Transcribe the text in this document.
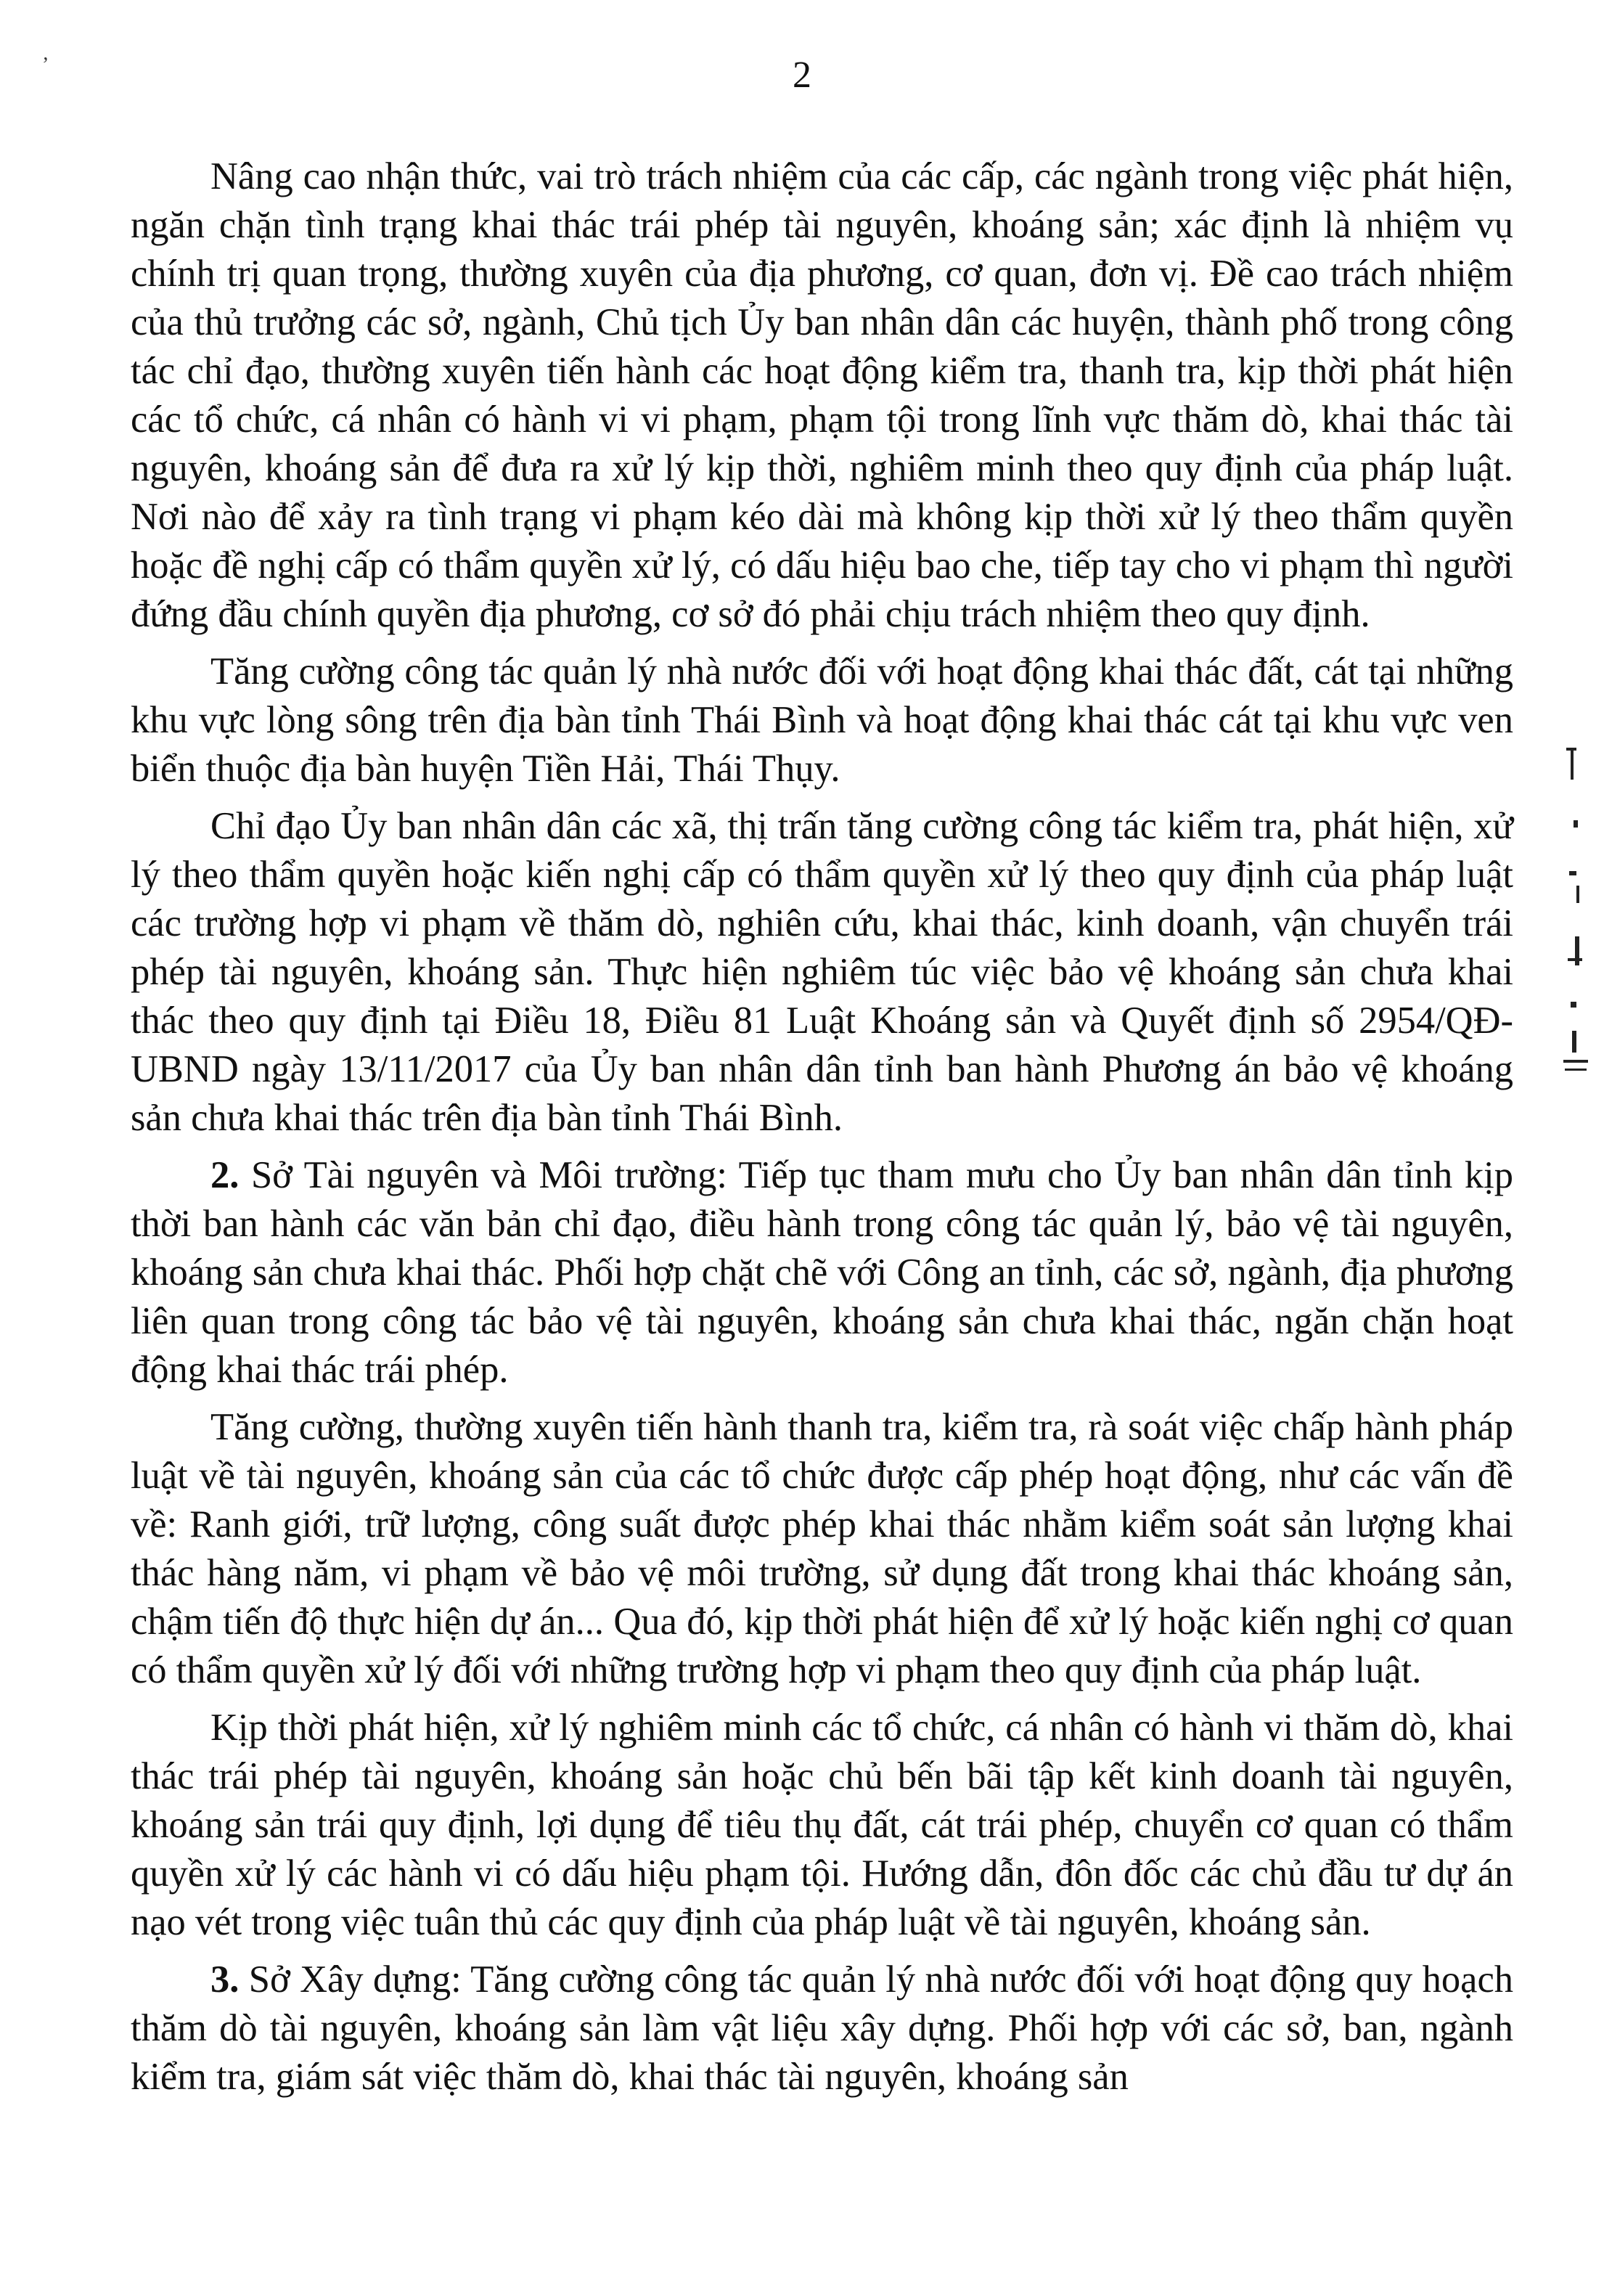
’	2

Nâng cao nhận thức, vai trò trách nhiệm của các cấp, các ngành trong việc phát hiện, ngăn chặn tình trạng khai thác trái phép tài nguyên, khoáng sản; xác định là nhiệm vụ chính trị quan trọng, thường xuyên của địa phương, cơ quan, đơn vị. Đề cao trách nhiệm của thủ trưởng các sở, ngành, Chủ tịch Ủy ban nhân dân các huyện, thành phố trong công tác chỉ đạo, thường xuyên tiến hành các hoạt động kiểm tra, thanh tra, kịp thời phát hiện các tổ chức, cá nhân có hành vi vi phạm, phạm tội trong lĩnh vực thăm dò, khai thác tài nguyên, khoáng sản để đưa ra xử lý kịp thời, nghiêm minh theo quy định của pháp luật. Nơi nào để xảy ra tình trạng vi phạm kéo dài mà không kịp thời xử lý theo thẩm quyền hoặc đề nghị cấp có thẩm quyền xử lý, có dấu hiệu bao che, tiếp tay cho vi phạm thì người đứng đầu chính quyền địa phương, cơ sở đó phải chịu trách nhiệm theo quy định.

Tăng cường công tác quản lý nhà nước đối với hoạt động khai thác đất, cát tại những khu vực lòng sông trên địa bàn tỉnh Thái Bình và hoạt động khai thác cát tại khu vực ven biển thuộc địa bàn huyện Tiền Hải, Thái Thụy.

Chỉ đạo Ủy ban nhân dân các xã, thị trấn tăng cường công tác kiểm tra, phát hiện, xử lý theo thẩm quyền hoặc kiến nghị cấp có thẩm quyền xử lý theo quy định của pháp luật các trường hợp vi phạm về thăm dò, nghiên cứu, khai thác, kinh doanh, vận chuyển trái phép tài nguyên, khoáng sản. Thực hiện nghiêm túc việc bảo vệ khoáng sản chưa khai thác theo quy định tại Điều 18, Điều 81 Luật Khoáng sản và Quyết định số 2954/QĐ-UBND ngày 13/11/2017 của Ủy ban nhân dân tỉnh ban hành Phương án bảo vệ khoáng sản chưa khai thác trên địa bàn tỉnh Thái Bình.

2. Sở Tài nguyên và Môi trường: Tiếp tục tham mưu cho Ủy ban nhân dân tỉnh kịp thời ban hành các văn bản chỉ đạo, điều hành trong công tác quản lý, bảo vệ tài nguyên, khoáng sản chưa khai thác. Phối hợp chặt chẽ với Công an tỉnh, các sở, ngành, địa phương liên quan trong công tác bảo vệ tài nguyên, khoáng sản chưa khai thác, ngăn chặn hoạt động khai thác trái phép.

Tăng cường, thường xuyên tiến hành thanh tra, kiểm tra, rà soát việc chấp hành pháp luật về tài nguyên, khoáng sản của các tổ chức được cấp phép hoạt động, như các vấn đề về: Ranh giới, trữ lượng, công suất được phép khai thác nhằm kiểm soát sản lượng khai thác hàng năm, vi phạm về bảo vệ môi trường, sử dụng đất trong khai thác khoáng sản, chậm tiến độ thực hiện dự án... Qua đó, kịp thời phát hiện để xử lý hoặc kiến nghị cơ quan có thẩm quyền xử lý đối với những trường hợp vi phạm theo quy định của pháp luật.

Kịp thời phát hiện, xử lý nghiêm minh các tổ chức, cá nhân có hành vi thăm dò, khai thác trái phép tài nguyên, khoáng sản hoặc chủ bến bãi tập kết kinh doanh tài nguyên, khoáng sản trái quy định, lợi dụng để tiêu thụ đất, cát trái phép, chuyển cơ quan có thẩm quyền xử lý các hành vi có dấu hiệu phạm tội. Hướng dẫn, đôn đốc các chủ đầu tư dự án nạo vét trong việc tuân thủ các quy định của pháp luật về tài nguyên, khoáng sản.

3. Sở Xây dựng: Tăng cường công tác quản lý nhà nước đối với hoạt động quy hoạch thăm dò tài nguyên, khoáng sản làm vật liệu xây dựng. Phối hợp với các sở, ban, ngành kiểm tra, giám sát việc thăm dò, khai thác tài nguyên, khoáng sản
